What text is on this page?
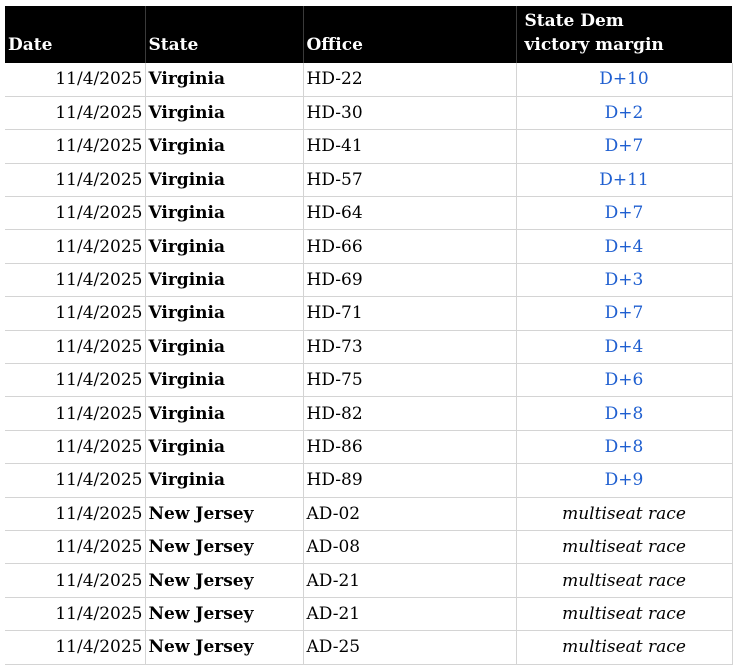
Date	State	Office	State Dem
victory margin

11/4/2025	Virginia	HD-22	D+10
11/4/2025	Virginia	HD-30	D+2
11/4/2025	Virginia	HD-41	D+7
11/4/2025	Virginia	HD-57	D+11
11/4/2025	Virginia	HD-64	D+7
11/4/2025	Virginia	HD-66	D+4
11/4/2025	Virginia	HD-69	D+3
11/4/2025	Virginia	HD-71	D+7
11/4/2025	Virginia	HD-73	D+4
11/4/2025	Virginia	HD-75	D+6
11/4/2025	Virginia	HD-82	D+8
11/4/2025	Virginia	HD-86	D+8
11/4/2025	Virginia	HD-89	D+9
11/4/2025	New Jersey	AD-02	multiseat race
11/4/2025	New Jersey	AD-08	multiseat race
11/4/2025	New Jersey	AD-21	multiseat race
11/4/2025	New Jersey	AD-21	multiseat race
11/4/2025	New Jersey	AD-25	multiseat race
